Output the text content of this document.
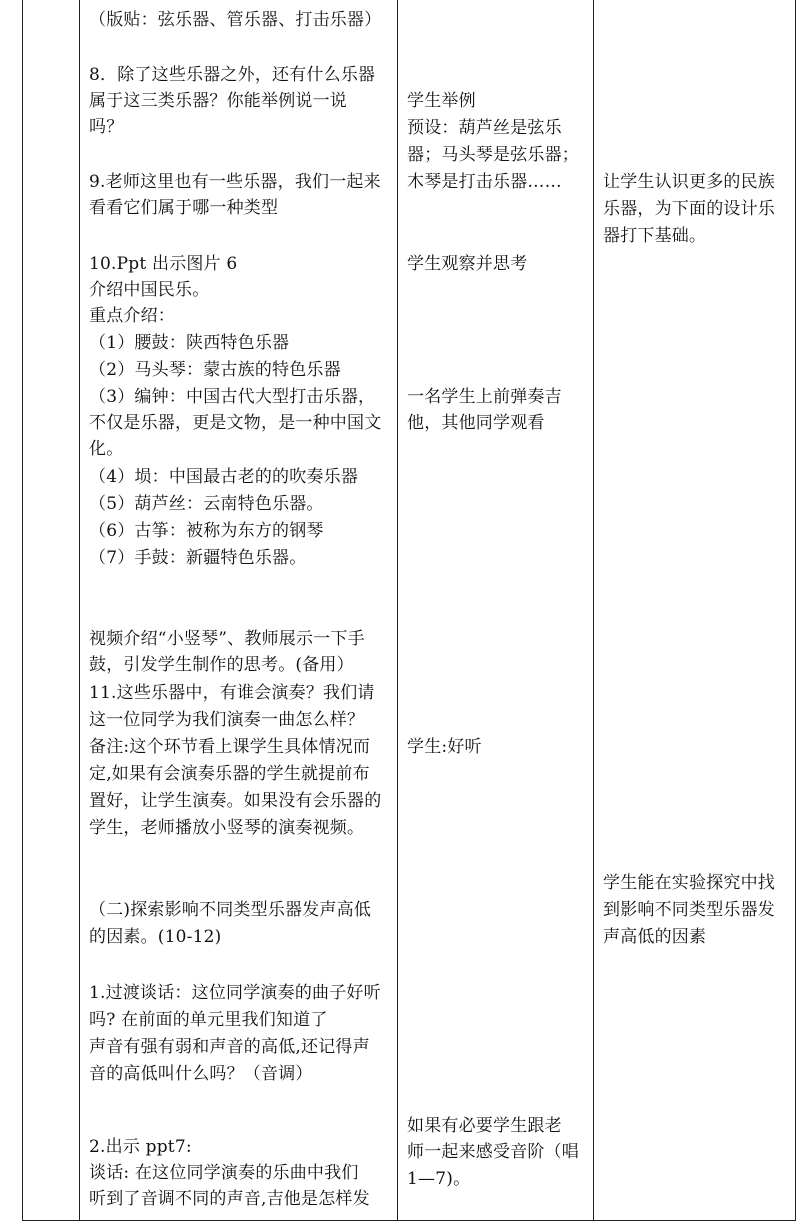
（版贴：弦乐器、管乐器、打击乐器）
8．除了这些乐器之外，还有什么乐器
属于这三类乐器？你能举例说一说
吗？
9.老师这里也有一些乐器，我们一起来
看看它们属于哪一种类型
10.Ppt 出示图片 6
介绍中国民乐。
重点介绍：
（1）腰鼓：陕西特色乐器
（2）马头琴：蒙古族的特色乐器
（3）编钟：中国古代大型打击乐器，
不仅是乐器，更是文物，是一种中国文
化。
（4）埙：中国最古老的的吹奏乐器
（5）葫芦丝：云南特色乐器。
（6）古筝：被称为东方的钢琴
（7）手鼓：新疆特色乐器。
视频介绍“小竖琴”、教师展示一下手
鼓，引发学生制作的思考。(备用）
11.这些乐器中，有谁会演奏？我们请
这一位同学为我们演奏一曲怎么样？
备注:这个环节看上课学生具体情况而
定,如果有会演奏乐器的学生就提前布
置好，让学生演奏。如果没有会乐器的
学生，老师播放小竖琴的演奏视频。
（二)探索影响不同类型乐器发声高低
的因素。(10-12)
1.过渡谈话：这位同学演奏的曲子好听
吗? 在前面的单元里我们知道了
声音有强有弱和声音的高低,还记得声
音的高低叫什么吗？（音调）
2.出示 ppt7:
谈话: 在这位同学演奏的乐曲中我们
听到了音调不同的声音,吉他是怎样发
学生举例
预设：葫芦丝是弦乐
器；马头琴是弦乐器；
木琴是打击乐器……
学生观察并思考
一名学生上前弹奏吉
他，其他同学观看
学生:好听
如果有必要学生跟老
师一起来感受音阶（唱
1—7)。
让学生认识更多的民族
乐器，为下面的设计乐
器打下基础。
学生能在实验探究中找
到影响不同类型乐器发
声高低的因素
